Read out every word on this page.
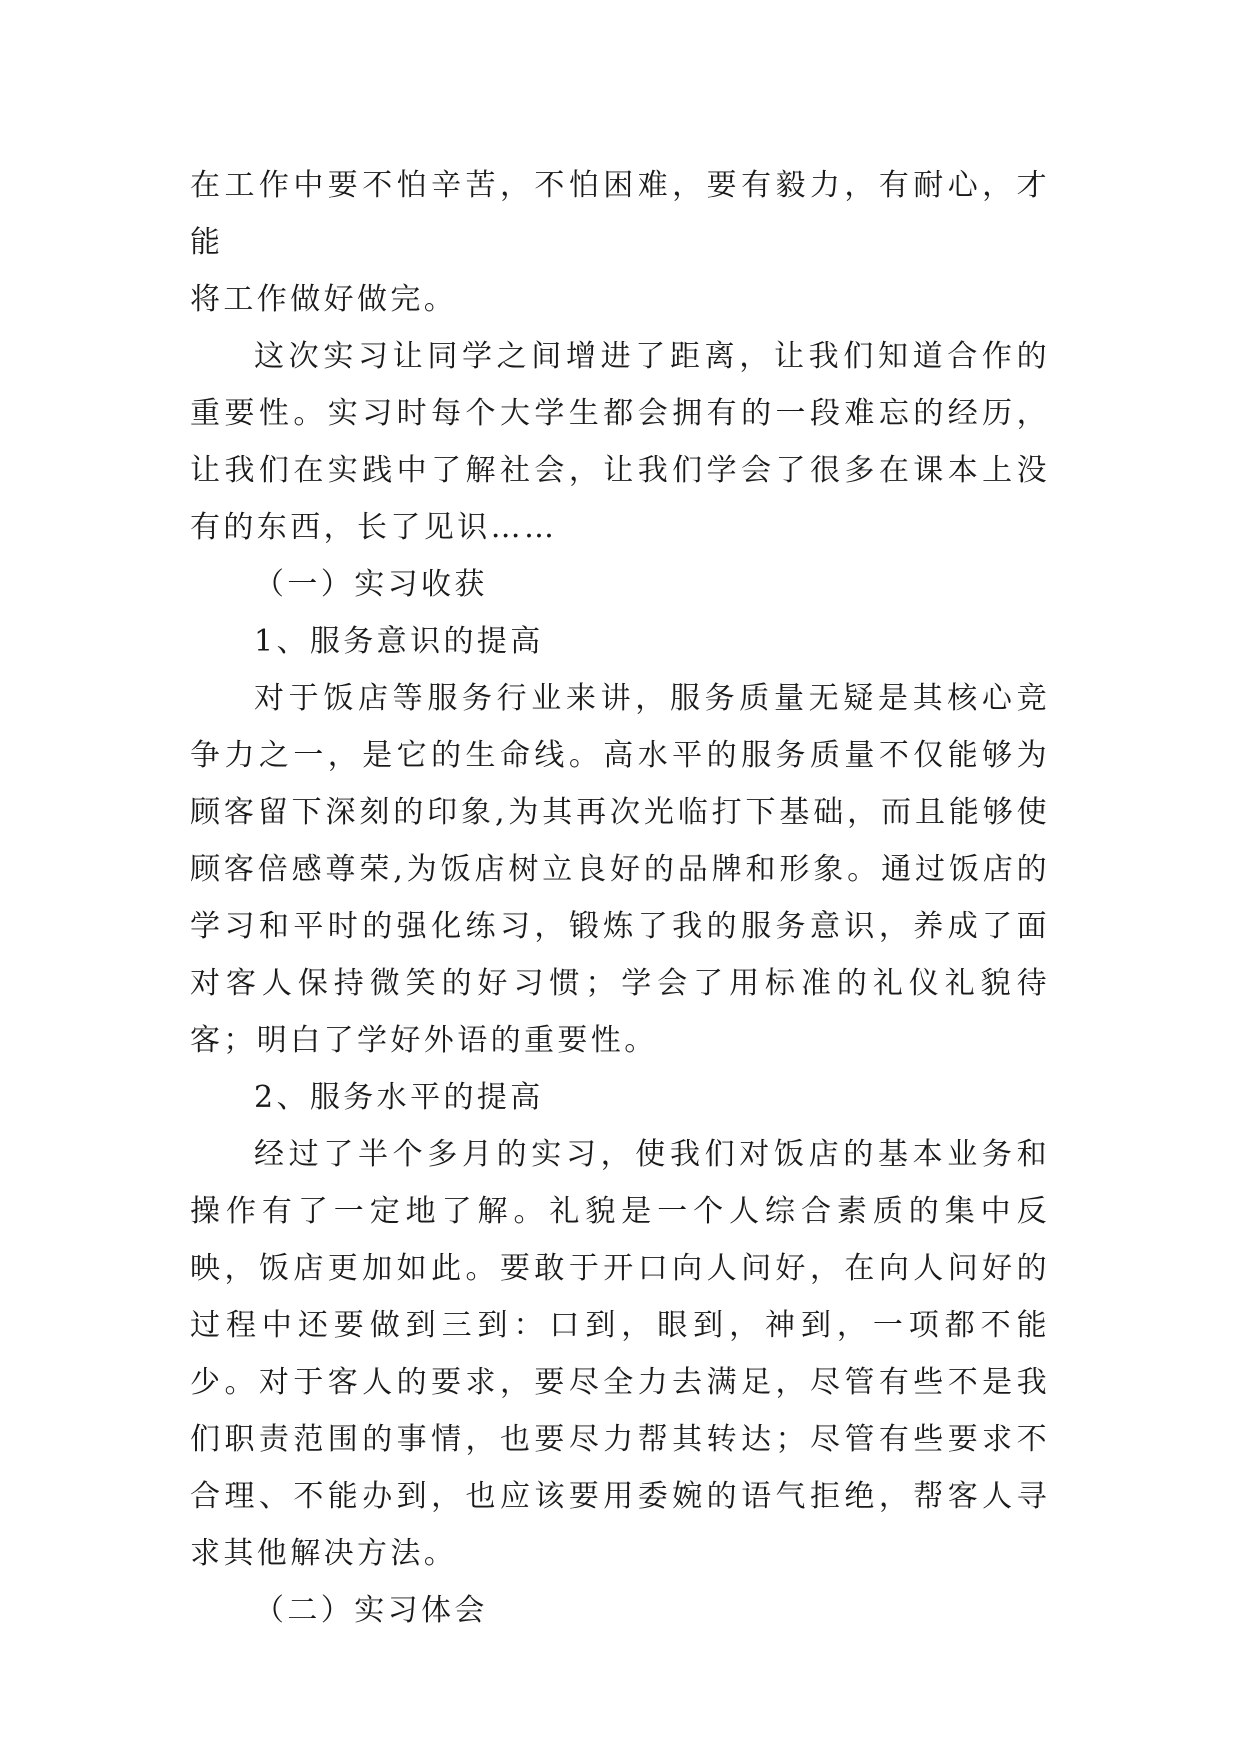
在工作中要不怕辛苦，不怕困难，要有毅力，有耐心，才能
将工作做好做完。

这次实习让同学之间增进了距离，让我们知道合作的重要性。实习时每个大学生都会拥有的一段难忘的经历，让我们在实践中了解社会，让我们学会了很多在课本上没有的东西，长了见识……

（一）实习收获

1、服务意识的提高

对于饭店等服务行业来讲，服务质量无疑是其核心竞争力之一，是它的生命线。高水平的服务质量不仅能够为顾客留下深刻的印象,为其再次光临打下基础，而且能够使顾客倍感尊荣,为饭店树立良好的品牌和形象。通过饭店的学习和平时的强化练习，锻炼了我的服务意识，养成了面对客人保持微笑的好习惯；学会了用标准的礼仪礼貌待客；明白了学好外语的重要性。

2、服务水平的提高

经过了半个多月的实习，使我们对饭店的基本业务和操作有了一定地了解。礼貌是一个人综合素质的集中反映，饭店更加如此。要敢于开口向人问好，在向人问好的过程中还要做到三到：口到，眼到，神到，一项都不能少。对于客人的要求，要尽全力去满足，尽管有些不是我们职责范围的事情，也要尽力帮其转达；尽管有些要求不合理、不能办到，也应该要用委婉的语气拒绝，帮客人寻求其他解决方法。

（二）实习体会
